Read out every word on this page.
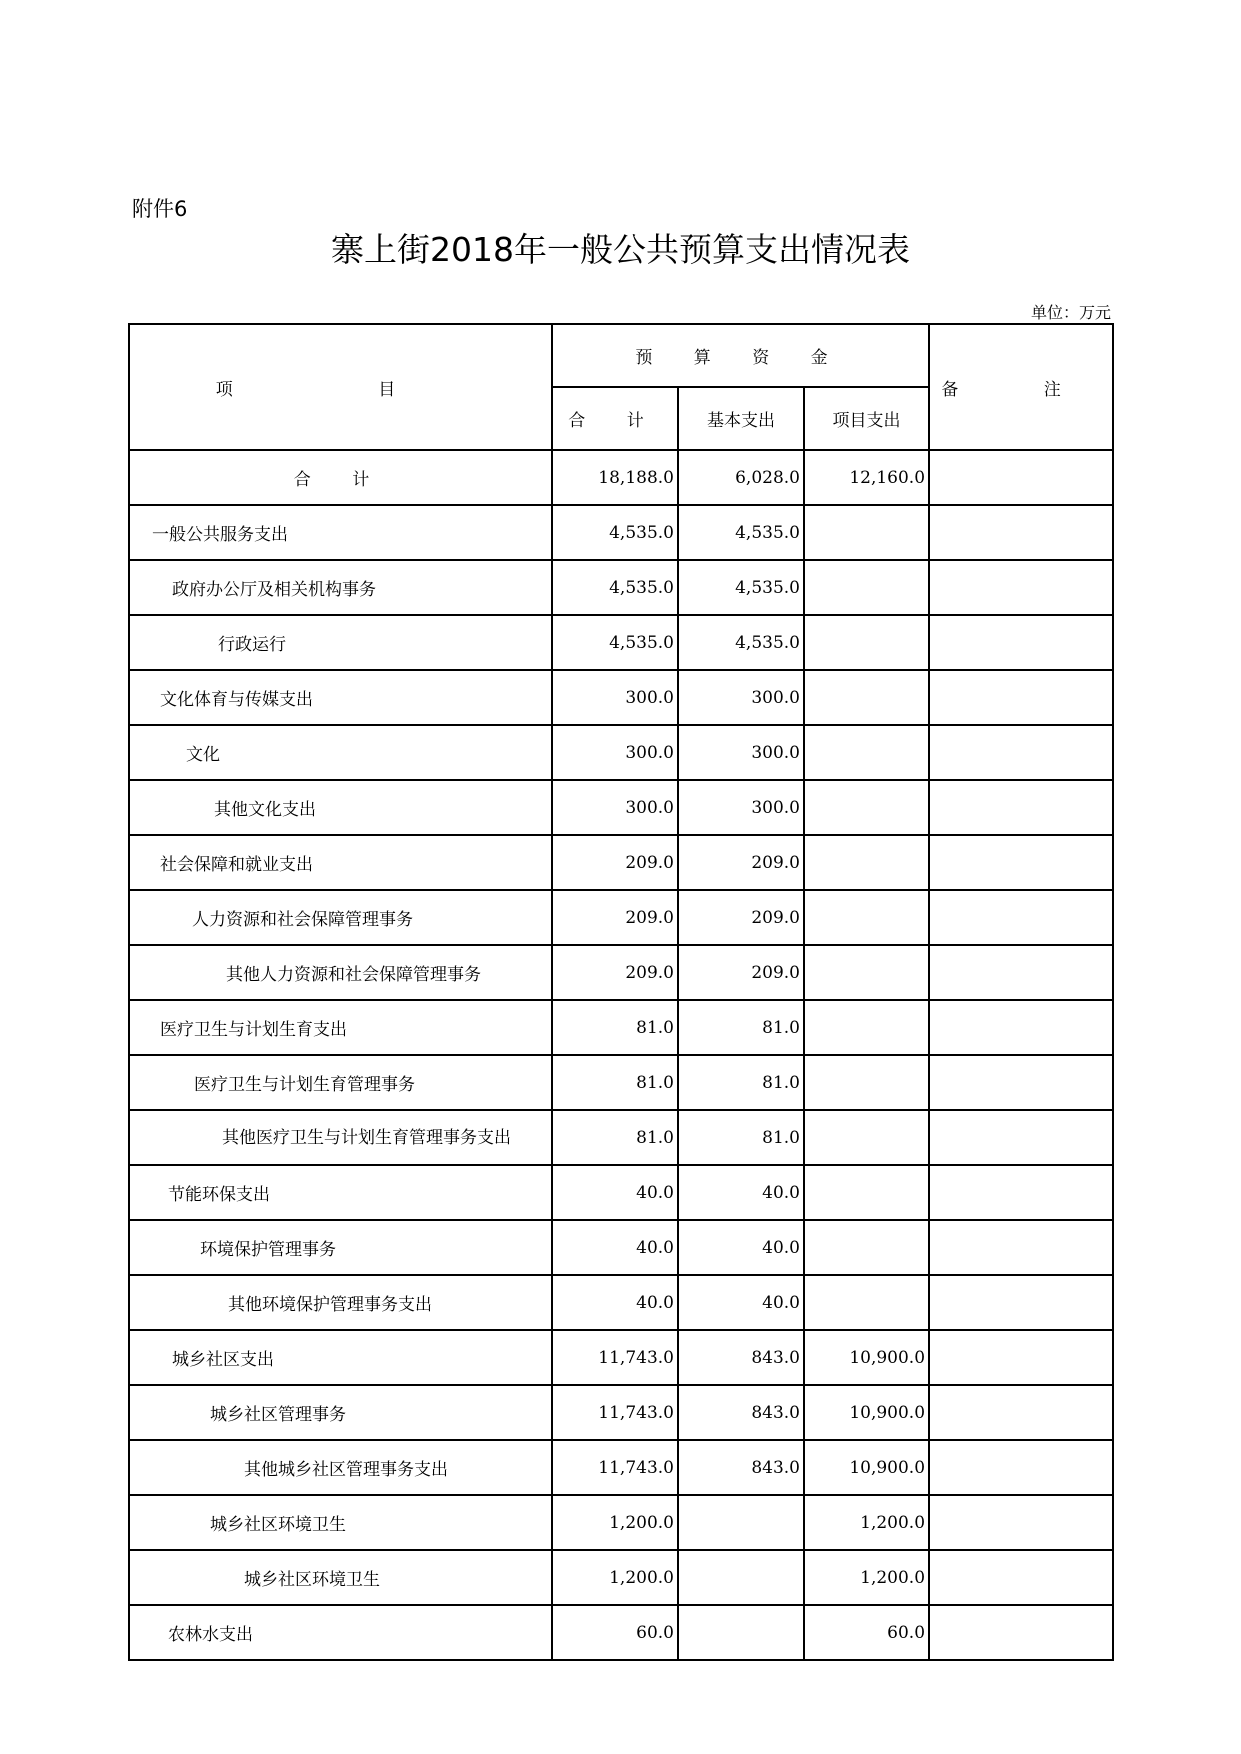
附件6
寨上街2018年一般公共预算支出情况表
单位：万元
项 目	预 算 资 金			备 注
	合 计	基本支出	项目支出	
合 计	18,188.0	6,028.0	12,160.0	
一般公共服务支出	4,535.0	4,535.0		
政府办公厅及相关机构事务	4,535.0	4,535.0		
行政运行	4,535.0	4,535.0		
文化体育与传媒支出	300.0	300.0		
文化	300.0	300.0		
其他文化支出	300.0	300.0		
社会保障和就业支出	209.0	209.0		
人力资源和社会保障管理事务	209.0	209.0		
其他人力资源和社会保障管理事务	209.0	209.0		
医疗卫生与计划生育支出	81.0	81.0		
医疗卫生与计划生育管理事务	81.0	81.0		
其他医疗卫生与计划生育管理事务支出	81.0	81.0		
节能环保支出	40.0	40.0		
环境保护管理事务	40.0	40.0		
其他环境保护管理事务支出	40.0	40.0		
城乡社区支出	11,743.0	843.0	10,900.0	
城乡社区管理事务	11,743.0	843.0	10,900.0	
其他城乡社区管理事务支出	11,743.0	843.0	10,900.0	
城乡社区环境卫生	1,200.0		1,200.0	
城乡社区环境卫生	1,200.0		1,200.0	
农林水支出	60.0		60.0	
